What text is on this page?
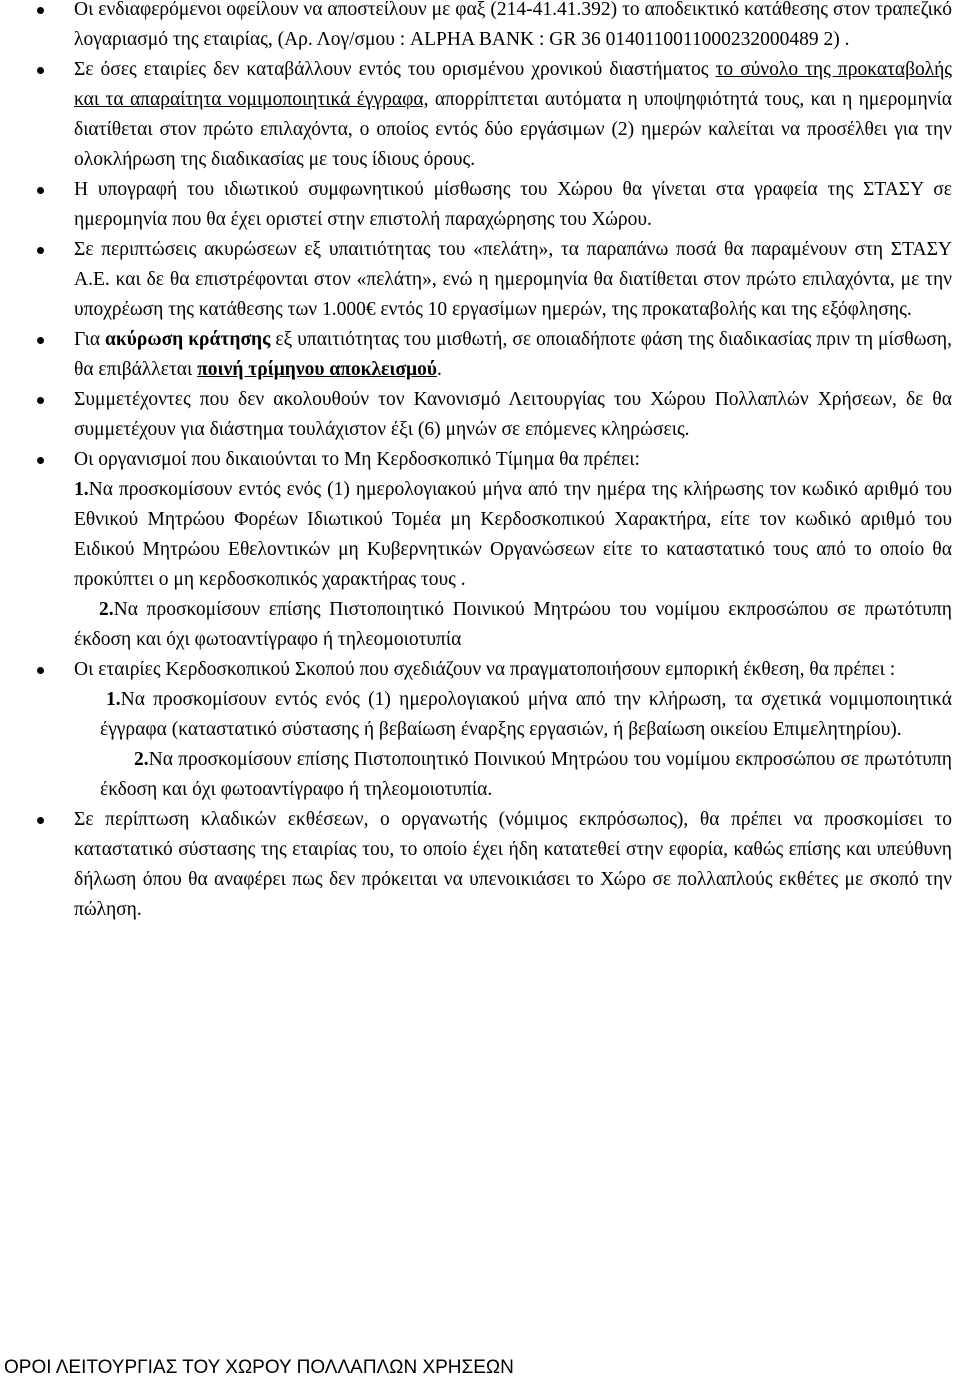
Οι ενδιαφερόμενοι οφείλουν να αποστείλουν με φαξ (214-41.41.392) το αποδεικτικό κατάθεσης στον τραπεζικό λογαριασμό της εταιρίας, (Αρ. Λογ/σμου : ALPHA BANK : GR 36 0140110011000232000489 2) .
Σε όσες εταιρίες δεν καταβάλλουν εντός του ορισμένου χρονικού διαστήματος το σύνολο της προκαταβολής και τα απαραίτητα νομιμοποιητικά έγγραφα, απορρίπτεται αυτόματα η υποψηφιότητά τους, και η ημερομηνία διατίθεται στον πρώτο επιλαχόντα, ο οποίος εντός δύο εργάσιμων (2) ημερών καλείται να προσέλθει για την ολοκλήρωση της διαδικασίας με τους ίδιους όρους.
Η υπογραφή του ιδιωτικού συμφωνητικού μίσθωσης του Χώρου θα γίνεται στα γραφεία της ΣΤΑΣΥ σε ημερομηνία που θα έχει οριστεί στην επιστολή παραχώρησης του Χώρου.
Σε περιπτώσεις ακυρώσεων εξ υπαιτιότητας του «πελάτη», τα παραπάνω ποσά θα παραμένουν στη ΣΤΑΣΥ Α.Ε. και δε θα επιστρέφονται στον «πελάτη», ενώ η ημερομηνία θα διατίθεται στον πρώτο επιλαχόντα, με την υποχρέωση της κατάθεσης των 1.000€ εντός 10 εργασίμων ημερών, της προκαταβολής και της εξόφλησης.
Για ακύρωση κράτησης εξ υπαιτιότητας του μισθωτή, σε οποιαδήποτε φάση της διαδικασίας πριν τη μίσθωση, θα επιβάλλεται ποινή τρίμηνου αποκλεισμού.
Συμμετέχοντες που δεν ακολουθούν τον Κανονισμό Λειτουργίας του Χώρου Πολλαπλών Χρήσεων, δε θα συμμετέχουν για διάστημα τουλάχιστον έξι (6) μηνών σε επόμενες κληρώσεις.
Οι οργανισμοί που δικαιούνται το Μη Κερδοσκοπικό Τίμημα θα πρέπει:
1.Να προσκομίσουν εντός ενός (1) ημερολογιακού μήνα από την ημέρα της κλήρωσης τον κωδικό αριθμό του Εθνικού Μητρώου Φορέων Ιδιωτικού Τομέα μη Κερδοσκοπικού Χαρακτήρα, είτε τον κωδικό αριθμό του Ειδικού Μητρώου Εθελοντικών μη Κυβερνητικών Οργανώσεων είτε το καταστατικό τους από το οποίο θα προκύπτει ο μη κερδοσκοπικός χαρακτήρας τους .
2.Να προσκομίσουν επίσης Πιστοποιητικό Ποινικού Μητρώου του νομίμου εκπροσώπου σε πρωτότυπη έκδοση και όχι φωτοαντίγραφο ή τηλεομοιοτυπία
Οι εταιρίες Κερδοσκοπικού Σκοπού που σχεδιάζουν να πραγματοποιήσουν εμπορική έκθεση, θα πρέπει :
1.Να προσκομίσουν εντός ενός (1) ημερολογιακού μήνα από την κλήρωση, τα σχετικά νομιμοποιητικά έγγραφα (καταστατικό σύστασης ή βεβαίωση έναρξης εργασιών, ή βεβαίωση οικείου Επιμελητηρίου).
2.Να προσκομίσουν επίσης Πιστοποιητικό Ποινικού Μητρώου του νομίμου εκπροσώπου σε πρωτότυπη έκδοση και όχι φωτοαντίγραφο ή τηλεομοιοτυπία.
Σε περίπτωση κλαδικών εκθέσεων, ο οργανωτής (νόμιμος εκπρόσωπος), θα πρέπει να προσκομίσει το καταστατικό σύστασης της εταιρίας του, το οποίο έχει ήδη κατατεθεί στην εφορία, καθώς επίσης και υπεύθυνη δήλωση όπου θα αναφέρει πως δεν πρόκειται να υπενοικιάσει το Χώρο σε πολλαπλούς εκθέτες με σκοπό την πώληση.
ΟΡΟΙ ΛΕΙΤΟΥΡΓΙΑΣ ΤΟΥ ΧΩΡΟΥ ΠΟΛΛΑΠΛΩΝ ΧΡΗΣΕΩΝ
